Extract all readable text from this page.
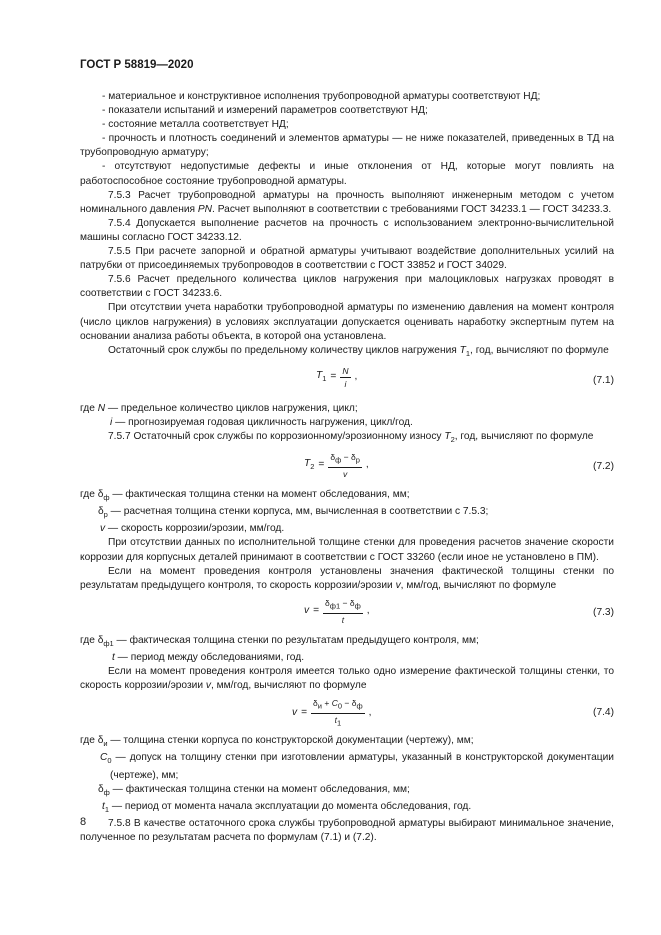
ГОСТ Р 58819—2020

- материальное и конструктивное исполнения трубопроводной арматуры соответствуют НД;

- показатели испытаний и измерений параметров соответствуют НД;

- состояние металла соответствует НД;

- прочность и плотность соединений и элементов арматуры — не ниже показателей, приведенных в ТД на трубопроводную арматуру;

- отсутствуют недопустимые дефекты и иные отклонения от НД, которые могут повлиять на работоспособное состояние трубопроводной арматуры.

7.5.3 Расчет трубопроводной арматуры на прочность выполняют инженерным методом с учетом номинального давления PN. Расчет выполняют в соответствии с требованиями ГОСТ 34233.1 — ГОСТ 34233.3.

7.5.4 Допускается выполнение расчетов на прочность с использованием электронно-вычислительной машины согласно ГОСТ 34233.12.

7.5.5 При расчете запорной и обратной арматуры учитывают воздействие дополнительных усилий на патрубки от присоединяемых трубопроводов в соответствии с ГОСТ 33852 и ГОСТ 34029.

7.5.6 Расчет предельного количества циклов нагружения при малоцикловых нагрузках проводят в соответствии с ГОСТ 34233.6.

При отсутствии учета наработки трубопроводной арматуры по изменению давления на момент контроля (число циклов нагружения) в условиях эксплуатации допускается оценивать наработку экспертным путем на основании анализа работы объекта, в которой она установлена.

Остаточный срок службы по предельному количеству циклов нагружения $T_1$, год, вычисляют по формуле

$T_1 = \frac{N}{i}$ ,	(7.1)

где N — предельное количество циклов нагружения, цикл;

i — прогнозируемая годовая цикличность нагружения, цикл/год.

7.5.7 Остаточный срок службы по коррозионному/эрозионному износу $T_2$, год, вычисляют по формуле

$T_2 = \frac{\delta_ф - \delta_р}{v}$ ,	(7.2)

где $\delta_ф$ — фактическая толщина стенки на момент обследования, мм;

$\delta_р$ — расчетная толщина стенки корпуса, мм, вычисленная в соответствии с 7.5.3;

v — скорость коррозии/эрозии, мм/год.

При отсутствии данных по исполнительной толщине стенки для проведения расчетов значение скорости коррозии для корпусных деталей принимают в соответствии с ГОСТ 33260 (если иное не установлено в ПМ).

Если на момент проведения контроля установлены значения фактической толщины стенки по результатам предыдущего контроля, то скорость коррозии/эрозии v, мм/год, вычисляют по формуле

$v = \frac{\delta_{ф1} - \delta_ф}{t}$ ,	(7.3)

где $\delta_{ф1}$ — фактическая толщина стенки по результатам предыдущего контроля, мм;

t — период между обследованиями, год.

Если на момент проведения контроля имеется только одно измерение фактической толщины стенки, то скорость коррозии/эрозии v, мм/год, вычисляют по формуле

$v = \frac{\delta_и + C_0 - \delta_ф}{t_1}$ ,	(7.4)

где $\delta_и$ — толщина стенки корпуса по конструкторской документации (чертежу), мм;

$C_0$ — допуск на толщину стенки при изготовлении арматуры, указанный в конструкторской документации (чертеже), мм;

$\delta_ф$ — фактическая толщина стенки на момент обследования, мм;

$t_1$ — период от момента начала эксплуатации до момента обследования, год.

7.5.8 В качестве остаточного срока службы трубопроводной арматуры выбирают минимальное значение, полученное по результатам расчета по формулам (7.1) и (7.2).

8
